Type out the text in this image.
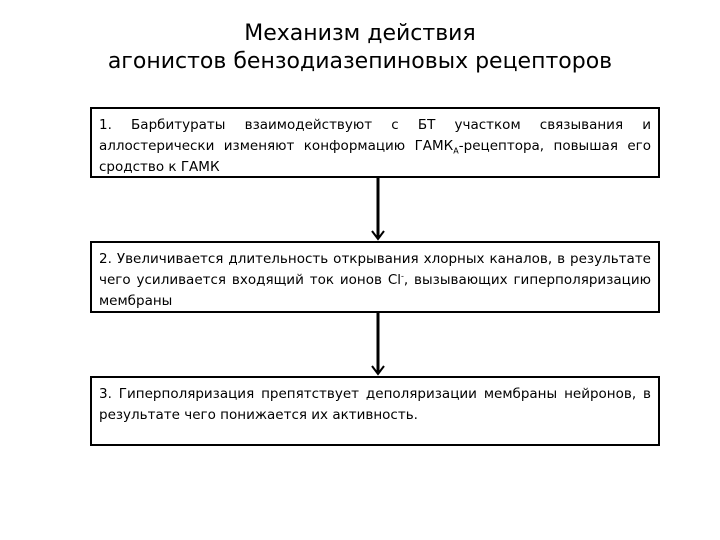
Механизм действия
агонистов бензодиазепиновых рецепторов
1. Барбитураты взаимодействуют с БТ участком связывания и аллостерически изменяют конформацию $ГАМК_А$-рецептора, повышая его сродство к ГАМК
2. Увеличивается длительность открывания хлорных каналов, в результате чего усиливается входящий ток ионов Cl-, вызывающих гиперполяризацию мембраны
3. Гиперполяризация препятствует деполяризации мембраны нейронов, в результате чего понижается их активность.
